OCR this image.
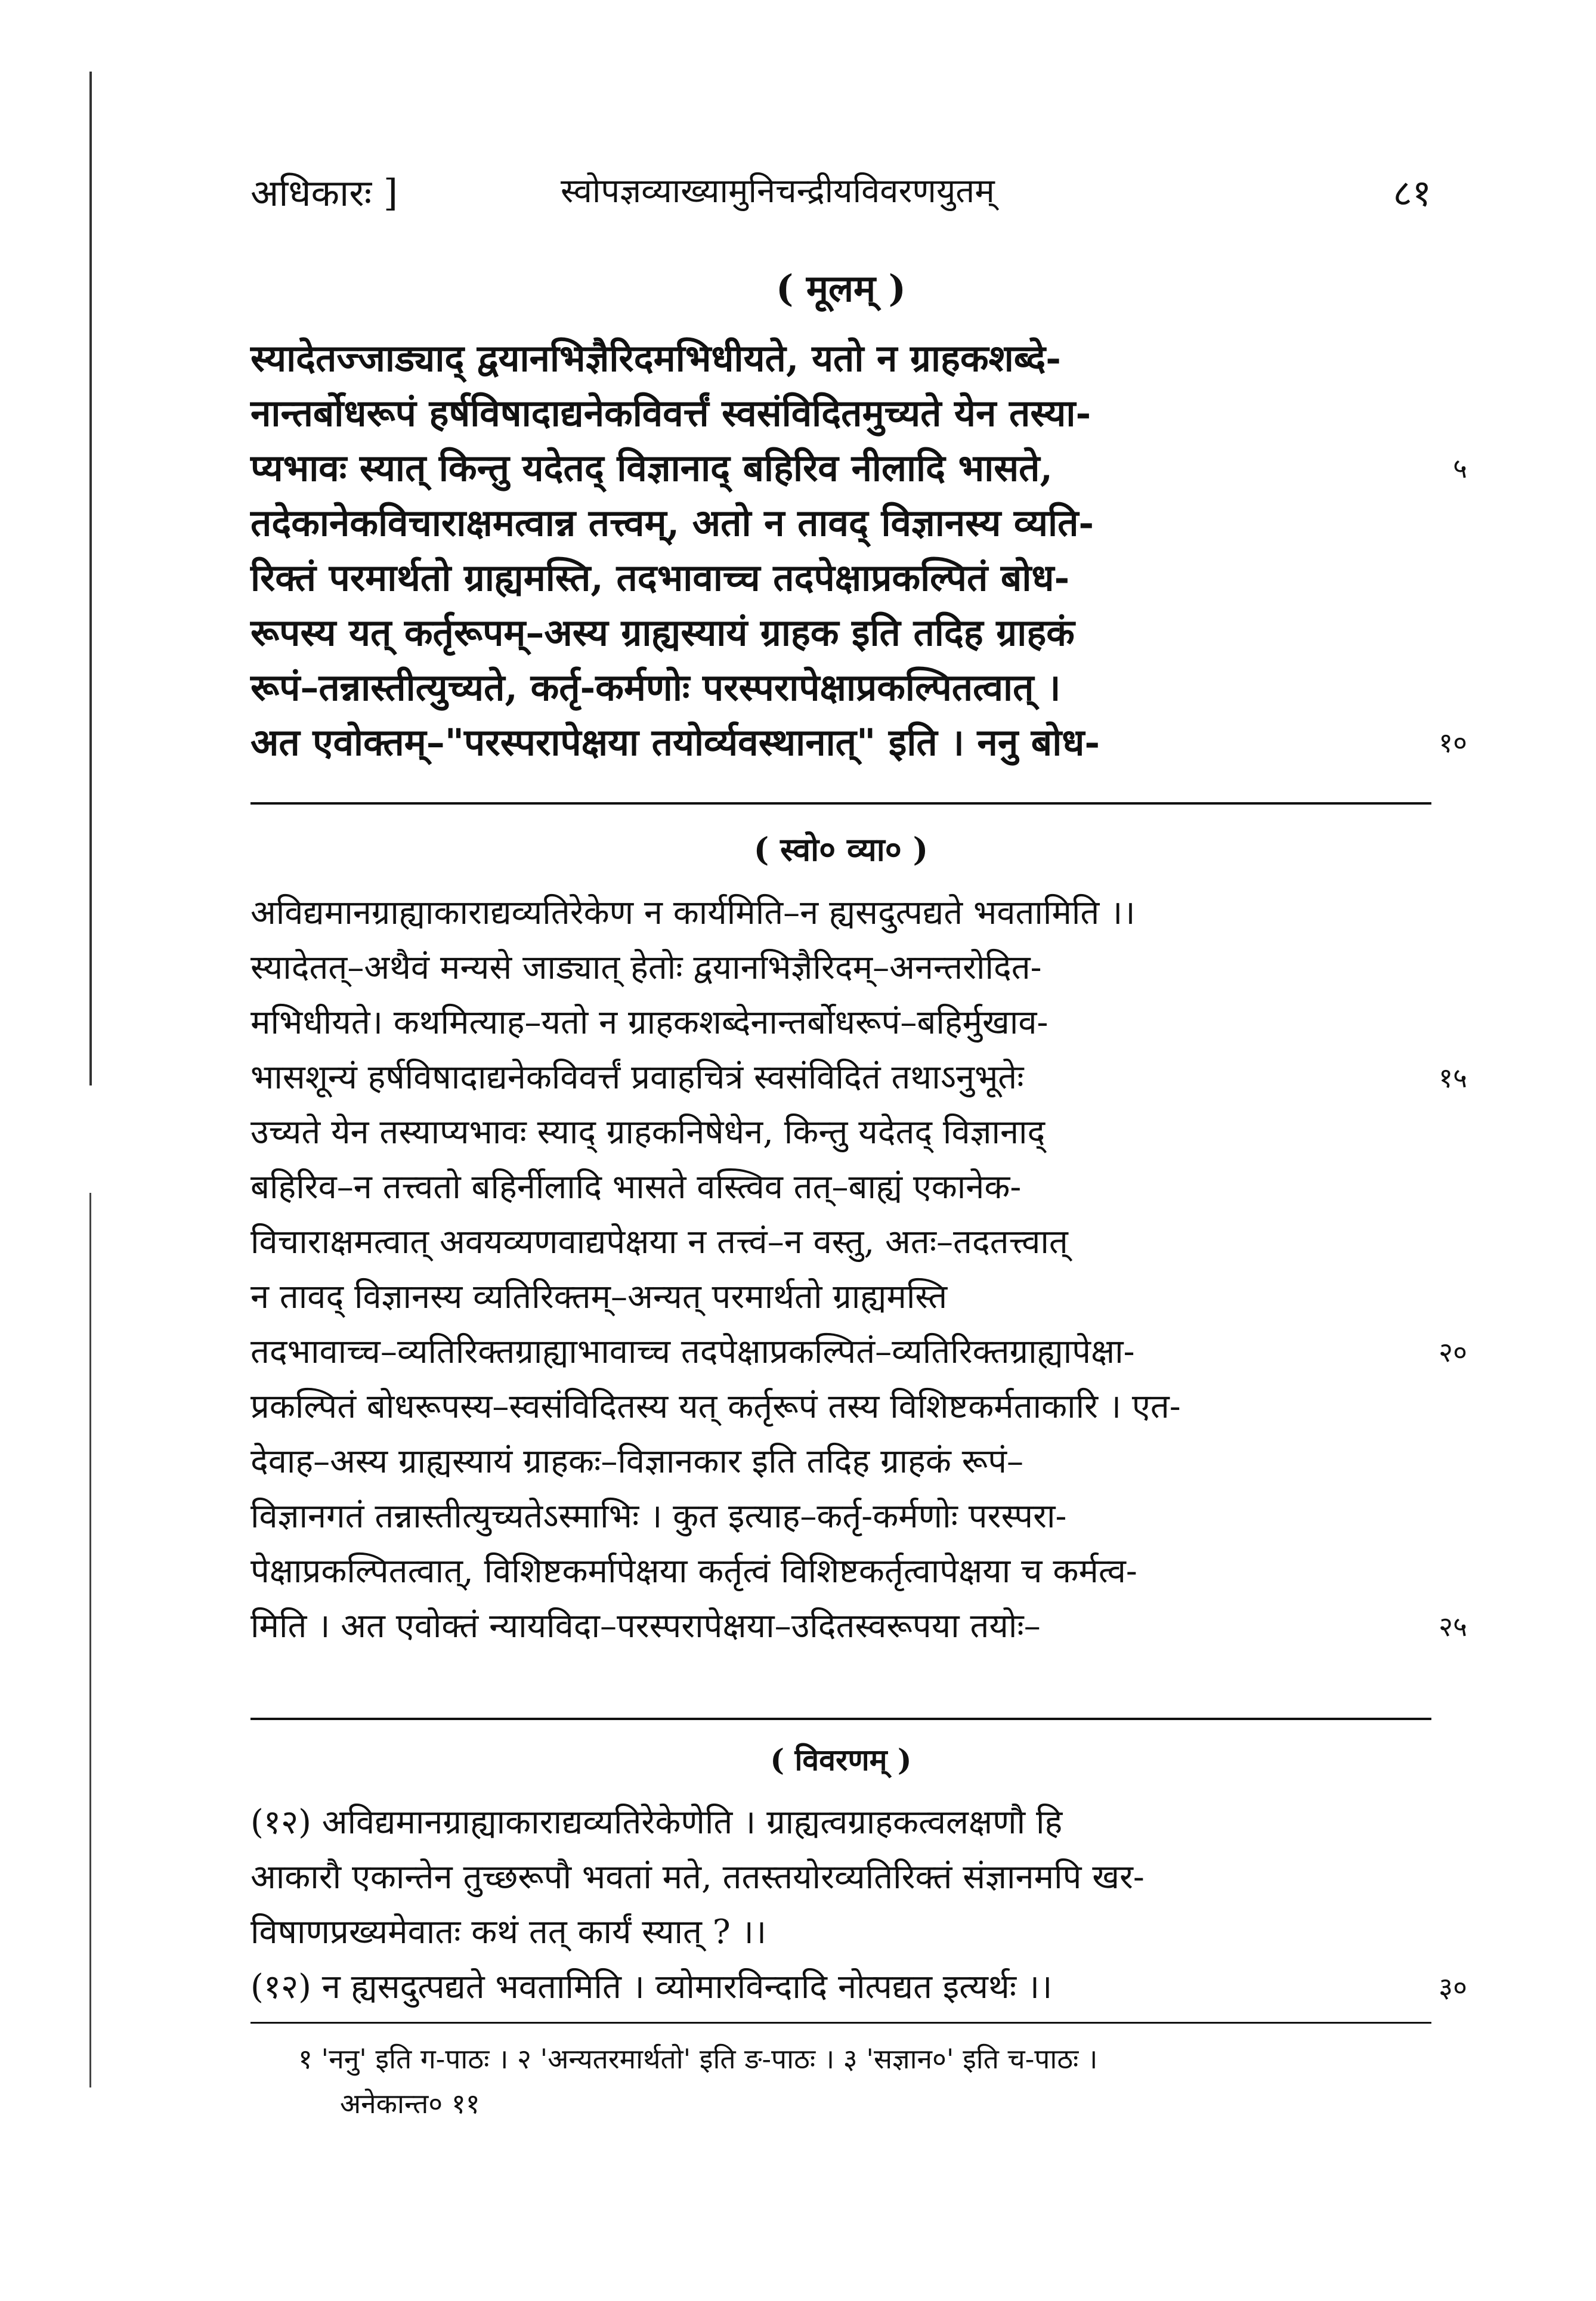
अधिकारः ]	स्वोपज्ञव्याख्यामुनिचन्द्रीयविवरणयुतम्	८१
( मूलम् )
स्यादेतज्जाड्याद् द्वयानभिज्ञैरिदमभिधीयते, यतो न ग्राहकशब्दे-
नान्तर्बोधरूपं हर्षविषादाद्यनेकविवर्त्तं स्वसंविदितमुच्यते येन तस्या-
प्यभावः स्यात् किन्तु यदेतद् विज्ञानाद् बहिरिव नीलादि भासते,	५
तदेकानेकविचाराक्षमत्वान्न तत्त्वम्, अतो न तावद् विज्ञानस्य व्यति-
रिक्तं परमार्थतो ग्राह्यमस्ति, तदभावाच्च तदपेक्षाप्रकल्पितं बोध-
रूपस्य यत् कर्तृरूपम्–अस्य ग्राह्यस्यायं ग्राहक इति तदिह ग्राहकं
रूपं–तन्नास्तीत्युच्यते, कर्तृ-कर्मणोः परस्परापेक्षाप्रकल्पितत्वात् ।
अत एवोक्तम्–"परस्परापेक्षया तयोर्व्यवस्थानात्" इति । ननु बोध-	१०
( स्वो० व्या० )
अविद्यमानग्राह्याकाराद्यव्यतिरेकेण न कार्यमिति–न ह्यसदुत्पद्यते भवतामिति ।।
स्यादेतत्–अथैवं मन्यसे जाड्यात् हेतोः द्वयानभिज्ञैरिदम्–अनन्तरोदित-
मभिधीयते। कथमित्याह–यतो न ग्राहकशब्देनान्तर्बोधरूपं–बहिर्मुखाव-
भासशून्यं हर्षविषादाद्यनेकविवर्त्तं प्रवाहचित्रं स्वसंविदितं तथाऽनुभूतेः	१५
उच्यते येन तस्याप्यभावः स्याद् ग्राहकनिषेधेन, किन्तु यदेतद् विज्ञानाद्
बहिरिव–न तत्त्वतो बहिर्नीलादि भासते वस्त्विव तत्–बाह्यं एकानेक-
विचाराक्षमत्वात् अवयव्यणवाद्यपेक्षया न तत्त्वं–न वस्तु, अतः–तदतत्त्वात्
न तावद् विज्ञानस्य व्यतिरिक्तम्–अन्यत् परमार्थतो ग्राह्यमस्ति
तदभावाच्च–व्यतिरिक्तग्राह्याभावाच्च तदपेक्षाप्रकल्पितं–व्यतिरिक्तग्राह्यापेक्षा-	२०
प्रकल्पितं बोधरूपस्य–स्वसंविदितस्य यत् कर्तृरूपं तस्य विशिष्टकर्मताकारि । एत-
देवाह–अस्य ग्राह्यस्यायं ग्राहकः–विज्ञानकार इति तदिह ग्राहकं रूपं–
विज्ञानगतं तन्नास्तीत्युच्यतेऽस्माभिः । कुत इत्याह–कर्तृ-कर्मणोः परस्परा-
पेक्षाप्रकल्पितत्वात्, विशिष्टकर्मापेक्षया कर्तृत्वं विशिष्टकर्तृत्वापेक्षया च कर्मत्व-
मिति । अत एवोक्तं न्यायविदा–परस्परापेक्षया–उदितस्वरूपया तयोः–	२५
( विवरणम् )
(१२) अविद्यमानग्राह्याकाराद्यव्यतिरेकेणेति । ग्राह्यत्वग्राहकत्वलक्षणौ हि
आकारौ एकान्तेन तुच्छरूपौ भवतां मते, ततस्तयोरव्यतिरिक्तं संज्ञानमपि खर-
विषाणप्रख्यमेवातः कथं तत् कार्यं स्यात् ? ।।
(१२) न ह्यसदुत्पद्यते भवतामिति । व्योमारविन्दादि नोत्पद्यत इत्यर्थः ।।	३०
१ 'ननु' इति ग-पाठः । २ 'अन्यतरमार्थतो' इति ङ-पाठः । ३ 'सज्ञान०' इति च-पाठः ।
अनेकान्त० ११
